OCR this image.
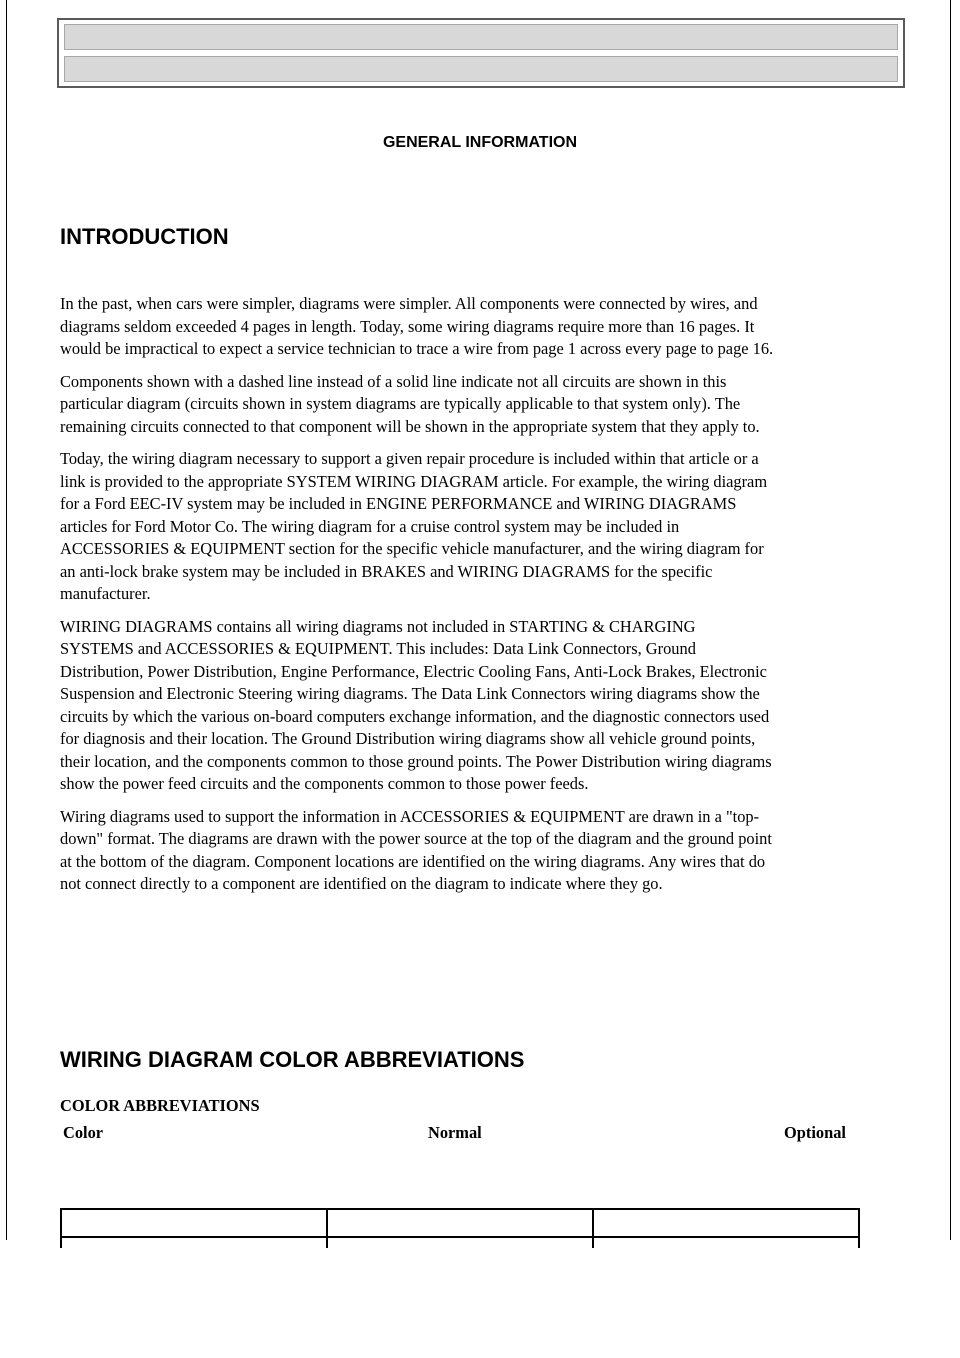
GENERAL INFORMATION
INTRODUCTION

In the past, when cars were simpler, diagrams were simpler. All components were connected by wires, and
diagrams seldom exceeded 4 pages in length. Today, some wiring diagrams require more than 16 pages. It
would be impractical to expect a service technician to trace a wire from page 1 across every page to page 16.

Components shown with a dashed line instead of a solid line indicate not all circuits are shown in this
particular diagram (circuits shown in system diagrams are typically applicable to that system only). The
remaining circuits connected to that component will be shown in the appropriate system that they apply to.

Today, the wiring diagram necessary to support a given repair procedure is included within that article or a
link is provided to the appropriate SYSTEM WIRING DIAGRAM article. For example, the wiring diagram
for a Ford EEC-IV system may be included in ENGINE PERFORMANCE and WIRING DIAGRAMS
articles for Ford Motor Co. The wiring diagram for a cruise control system may be included in
ACCESSORIES & EQUIPMENT section for the specific vehicle manufacturer, and the wiring diagram for
an anti-lock brake system may be included in BRAKES and WIRING DIAGRAMS for the specific
manufacturer.

WIRING DIAGRAMS contains all wiring diagrams not included in STARTING & CHARGING
SYSTEMS and ACCESSORIES & EQUIPMENT. This includes: Data Link Connectors, Ground
Distribution, Power Distribution, Engine Performance, Electric Cooling Fans, Anti-Lock Brakes, Electronic
Suspension and Electronic Steering wiring diagrams. The Data Link Connectors wiring diagrams show the
circuits by which the various on-board computers exchange information, and the diagnostic connectors used
for diagnosis and their location. The Ground Distribution wiring diagrams show all vehicle ground points,
their location, and the components common to those ground points. The Power Distribution wiring diagrams
show the power feed circuits and the components common to those power feeds.

Wiring diagrams used to support the information in ACCESSORIES & EQUIPMENT are drawn in a "top-
down" format. The diagrams are drawn with the power source at the top of the diagram and the ground point
at the bottom of the diagram. Component locations are identified on the wiring diagrams. Any wires that do
not connect directly to a component are identified on the diagram to indicate where they go.

WIRING DIAGRAM COLOR ABBREVIATIONS
COLOR ABBREVIATIONS
Color	Normal	Optional
